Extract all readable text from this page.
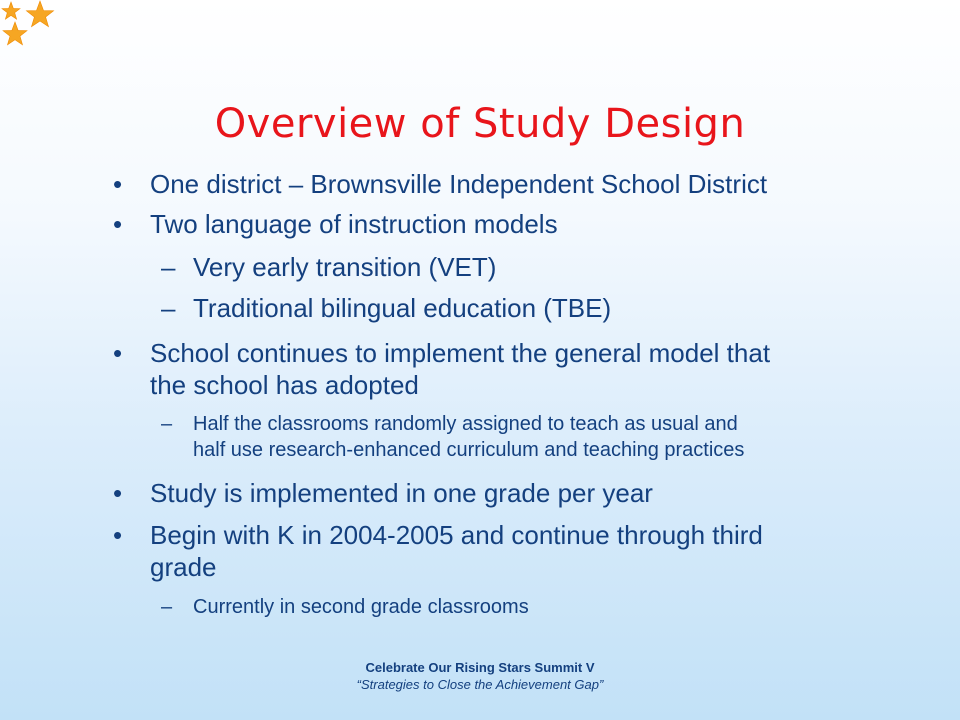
Overview of Study Design
• One district – Brownsville Independent School District
• Two language of instruction models
– Very early transition (VET)
– Traditional bilingual education (TBE)
• School continues to implement the general model that
the school has adopted
– Half the classrooms randomly assigned to teach as usual and
half use research-enhanced curriculum and teaching practices
• Study is implemented in one grade per year
• Begin with K in 2004-2005 and continue through third
grade
– Currently in second grade classrooms
Celebrate Our Rising Stars Summit V
“Strategies to Close the Achievement Gap”
